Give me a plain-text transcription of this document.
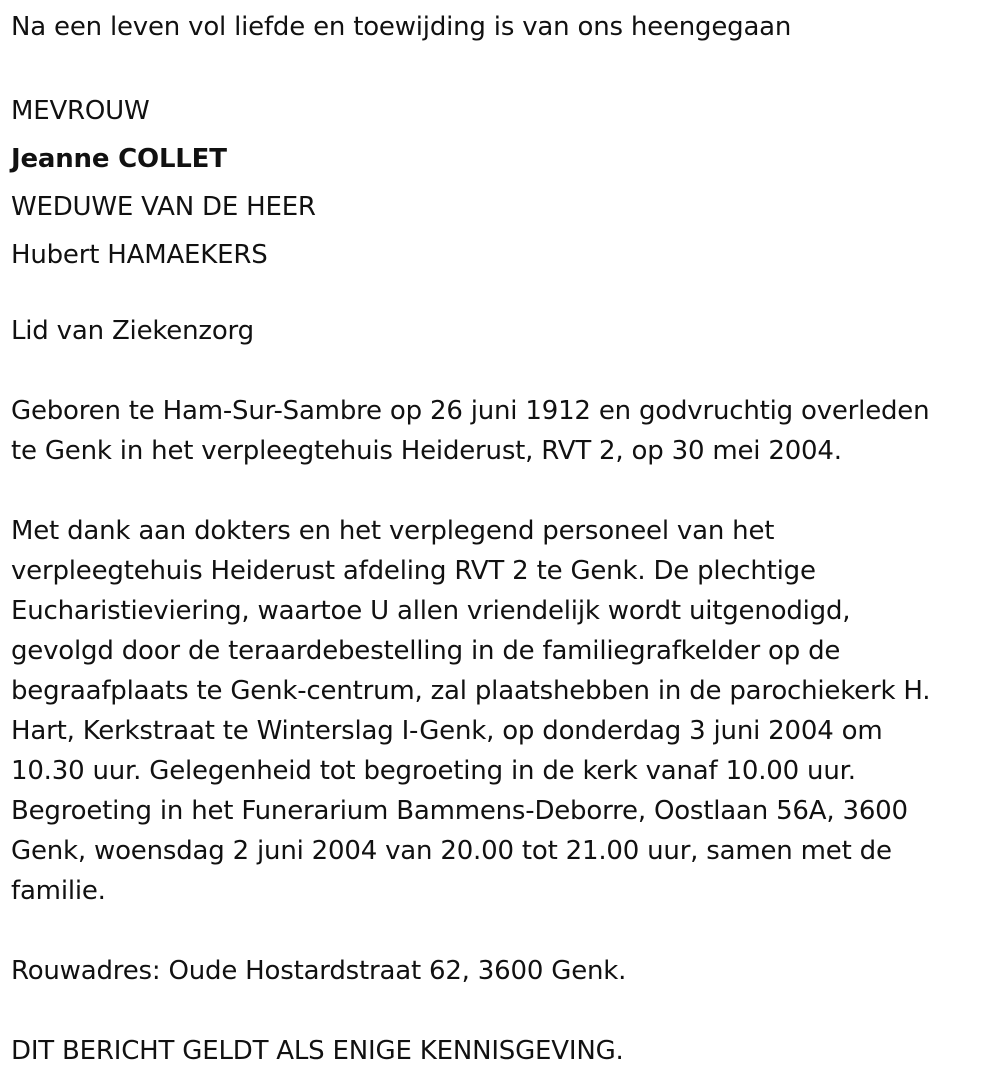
Na een leven vol liefde en toewijding is van ons heengegaan

MEVROUW

Jeanne COLLET

WEDUWE VAN DE HEER

Hubert HAMAEKERS

Lid van Ziekenzorg

Geboren te Ham-Sur-Sambre op 26 juni 1912 en godvruchtig overleden

te Genk in het verpleegtehuis Heiderust, RVT 2, op 30 mei 2004.

Met dank aan dokters en het verplegend personeel van het

verpleegtehuis Heiderust afdeling RVT 2 te Genk. De plechtige

Eucharistieviering, waartoe U allen vriendelijk wordt uitgenodigd,

gevolgd door de teraardebestelling in de familiegrafkelder op de

begraafplaats te Genk-centrum, zal plaatshebben in de parochiekerk H.

Hart, Kerkstraat te Winterslag I-Genk, op donderdag 3 juni 2004 om

10.30 uur. Gelegenheid tot begroeting in de kerk vanaf 10.00 uur.

Begroeting in het Funerarium Bammens-Deborre, Oostlaan 56A, 3600

Genk, woensdag 2 juni 2004 van 20.00 tot 21.00 uur, samen met de

familie.

Rouwadres: Oude Hostardstraat 62, 3600 Genk.

DIT BERICHT GELDT ALS ENIGE KENNISGEVING.
